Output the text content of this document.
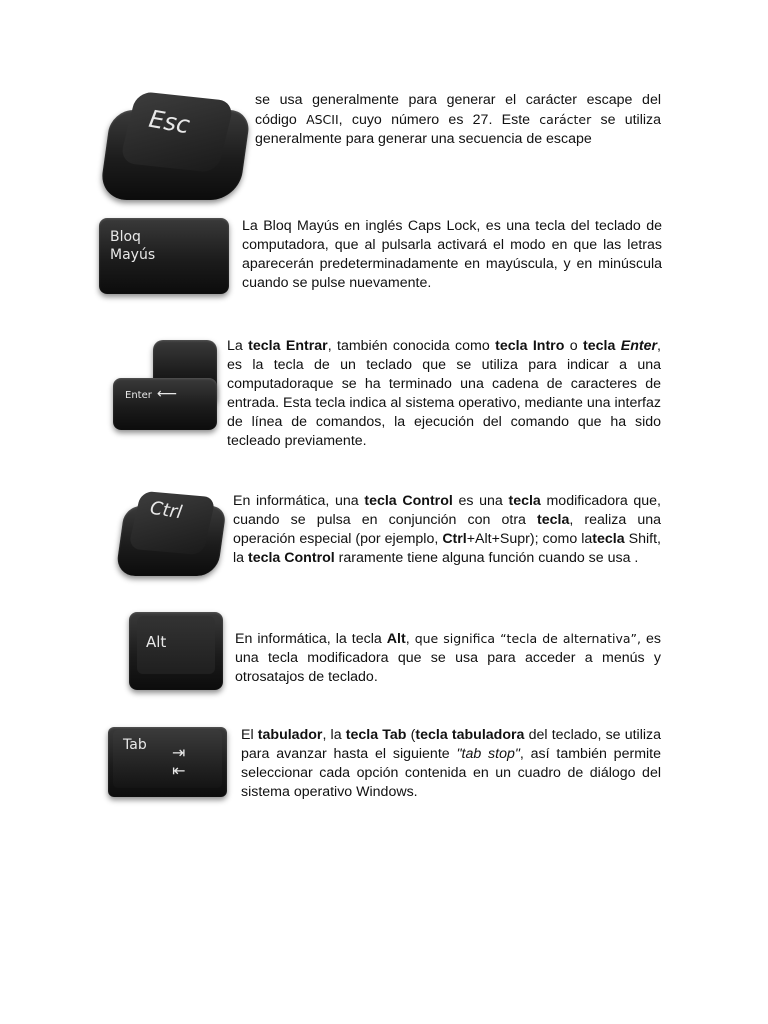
Esc
se usa generalmente para generar el carácter escape del código ASCII, cuyo número es 27. Este carácter se utiliza generalmente para generar una secuencia de escape
Bloq
Mayús
La Bloq Mayús en inglés Caps Lock, es una tecla del teclado de computadora, que al pulsarla activará el modo en que las letras aparecerán predeterminadamente en mayúscula, y en minúscula cuando se pulse nuevamente.
Enter ⟵
La tecla Entrar, también conocida como tecla Intro o tecla Enter, es la tecla de un teclado que se utiliza para indicar a una computadoraque se ha terminado una cadena de caracteres de entrada. Esta tecla indica al sistema operativo, mediante una interfaz de línea de comandos, la ejecución del comando que ha sido tecleado previamente.
Ctrl	En informática, una tecla Control es una tecla modificadora que, cuando se pulsa en conjunción con otra tecla, realiza una operación especial (por ejemplo, Ctrl+Alt+Supr); como latecla Shift, la tecla Control raramente tiene alguna función cuando se usa .
Alt	En informática, la tecla Alt, que significa “tecla de alternativa”, es una tecla modificadora que se usa para acceder a menús y otrosatajos de teclado.
Tab ⇥
⇤
El tabulador, la tecla Tab (tecla tabuladora del teclado, se utiliza para avanzar hasta el siguiente "tab stop", así también permite seleccionar cada opción contenida en un cuadro de diálogo del sistema operativo Windows.
